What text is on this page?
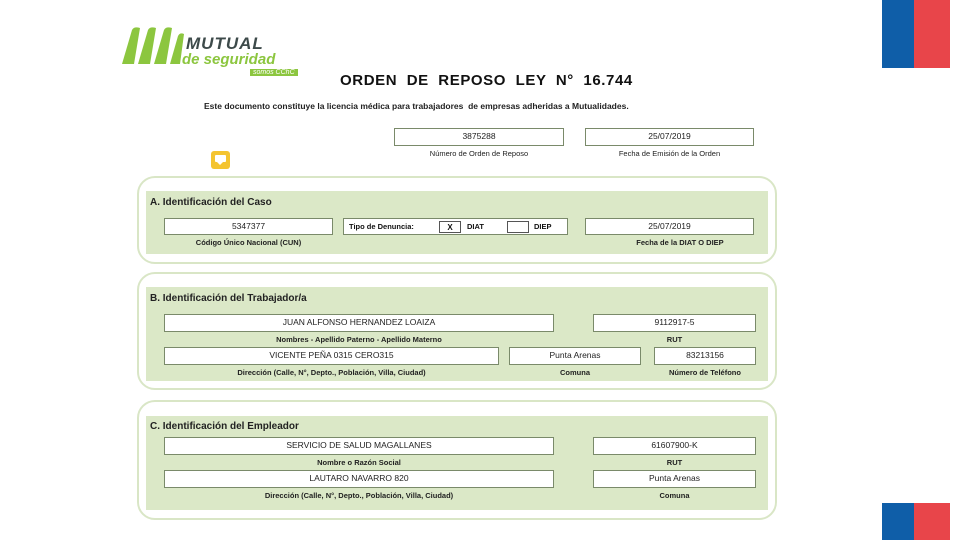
MUTUAL
de seguridad
somos CChC	ORDEN  DE  REPOSO  LEY  N°  16.744
Este documento constituye la licencia médica para trabajadores  de empresas adheridas a Mutualidades.
3875288
Número de Orden de Reposo
25/07/2019
Fecha de Emisión de la Orden
A. Identificación del Caso
5347377
Código Único Nacional (CUN)
Tipo de Denuncia:	X	DIAT	DIEP	25/07/2019
Fecha de la DIAT O DIEP
B. Identificación del Trabajador/a
JUAN ALFONSO HERNANDEZ LOAIZA
Nombres - Apellido Paterno - Apellido Materno
9112917-5
RUT
VICENTE PEÑA 0315 CERO315
Dirección (Calle, N°, Depto., Población, Villa, Ciudad)
Punta Arenas
Comuna
83213156
Número de Teléfono
C. Identificación del Empleador
SERVICIO DE SALUD MAGALLANES
Nombre o Razón Social
61607900-K
RUT
LAUTARO NAVARRO 820
Dirección (Calle, N°, Depto., Población, Villa, Ciudad)
Punta Arenas
Comuna
